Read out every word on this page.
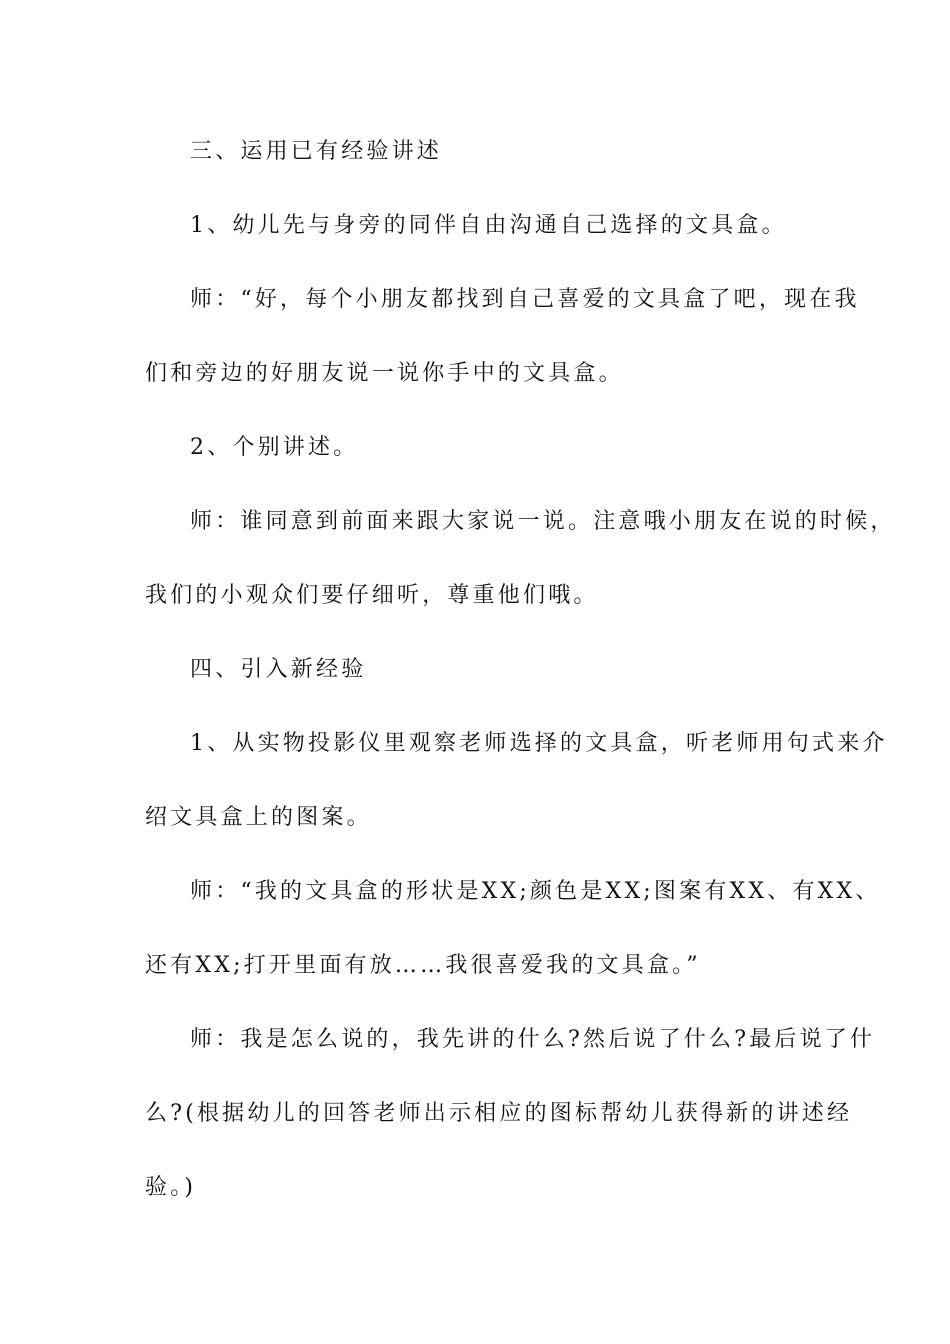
三、运用已有经验讲述
1、幼儿先与身旁的同伴自由沟通自己选择的文具盒。
师：“好，每个小朋友都找到自己喜爱的文具盒了吧，现在我
们和旁边的好朋友说一说你手中的文具盒。
2、个别讲述。
师：谁同意到前面来跟大家说一说。注意哦小朋友在说的时候，
我们的小观众们要仔细听，尊重他们哦。
四、引入新经验
1、从实物投影仪里观察老师选择的文具盒，听老师用句式来介
绍文具盒上的图案。
师：“我的文具盒的形状是XX;颜色是XX;图案有XX、有XX、
还有XX;打开里面有放……我很喜爱我的文具盒。”
师：我是怎么说的，我先讲的什么?然后说了什么?最后说了什
么?(根据幼儿的回答老师出示相应的图标帮幼儿获得新的讲述经
验。)
